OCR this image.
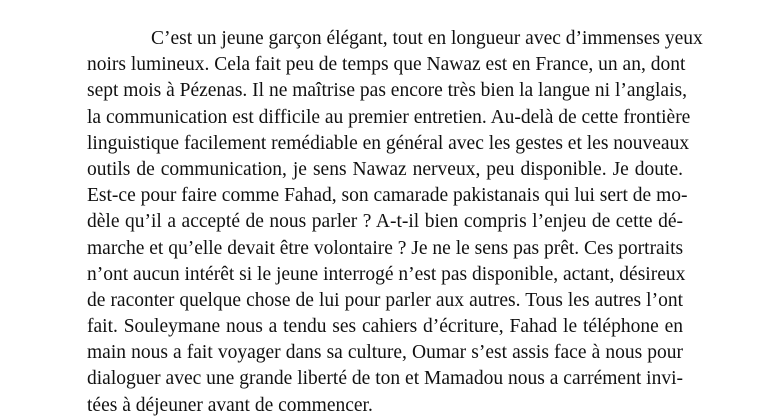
C’est un jeune garçon élégant, tout en longueur avec d’immenses yeux
noirs lumineux. Cela fait peu de temps que Nawaz est en France, un an, dont
sept mois à Pézenas. Il ne maîtrise pas encore très bien la langue ni l’anglais,
la communication est difficile au premier entretien. Au-delà de cette frontière
linguistique facilement remédiable en général avec les gestes et les nouveaux
outils de communication, je sens Nawaz nerveux, peu disponible. Je doute.
Est-ce pour faire comme Fahad, son camarade pakistanais qui lui sert de mo-
dèle qu’il a accepté de nous parler ? A-t-il bien compris l’enjeu de cette dé-
marche et qu’elle devait être volontaire ? Je ne le sens pas prêt. Ces portraits
n’ont aucun intérêt si le jeune interrogé n’est pas disponible, actant, désireux
de raconter quelque chose de lui pour parler aux autres. Tous les autres l’ont
fait. Souleymane nous a tendu ses cahiers d’écriture, Fahad le téléphone en
main nous a fait voyager dans sa culture, Oumar s’est assis face à nous pour
dialoguer avec une grande liberté de ton et Mamadou nous a carrément invi-
tées à déjeuner avant de commencer.
